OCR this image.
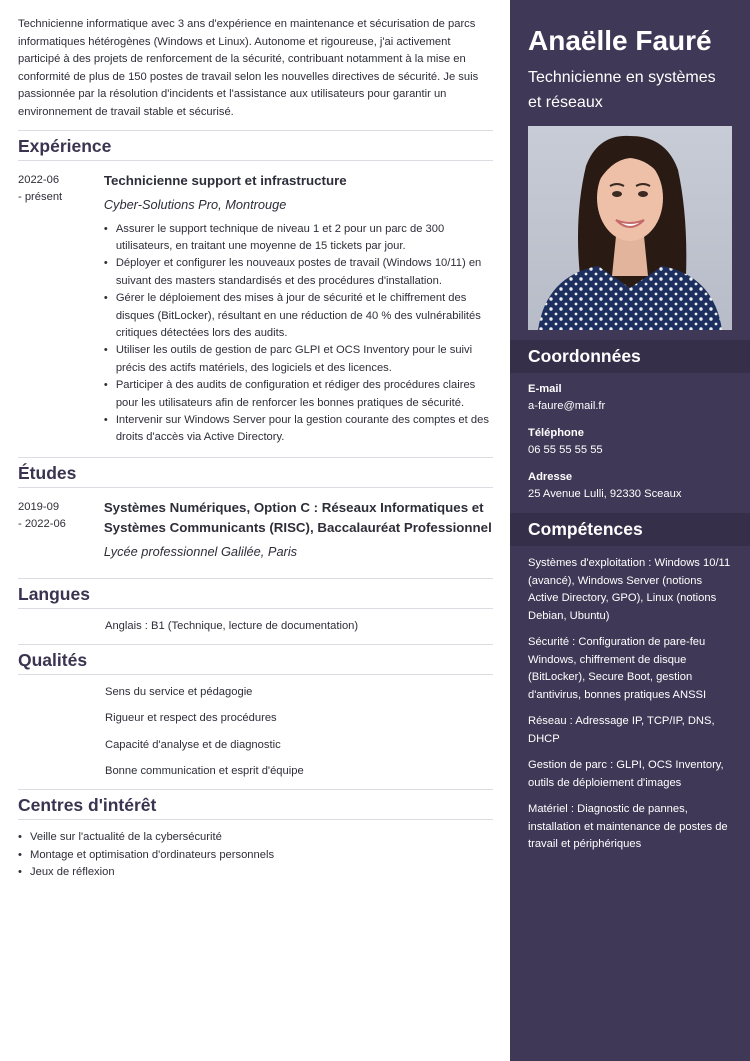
Technicienne informatique avec 3 ans d'expérience en maintenance et sécurisation de parcs informatiques hétérogènes (Windows et Linux). Autonome et rigoureuse, j'ai activement participé à des projets de renforcement de la sécurité, contribuant notamment à la mise en conformité de plus de 150 postes de travail selon les nouvelles directives de sécurité. Je suis passionnée par la résolution d'incidents et l'assistance aux utilisateurs pour garantir un environnement de travail stable et sécurisé.

Expérience
2022-06
- présent
Technicienne support et infrastructure
Cyber-Solutions Pro, Montrouge
• Assurer le support technique de niveau 1 et 2 pour un parc de 300 utilisateurs, en traitant une moyenne de 15 tickets par jour.
• Déployer et configurer les nouveaux postes de travail (Windows 10/11) en suivant des masters standardisés et des procédures d'installation.
• Gérer le déploiement des mises à jour de sécurité et le chiffrement des disques (BitLocker), résultant en une réduction de 40 % des vulnérabilités critiques détectées lors des audits.
• Utiliser les outils de gestion de parc GLPI et OCS Inventory pour le suivi précis des actifs matériels, des logiciels et des licences.
• Participer à des audits de configuration et rédiger des procédures claires pour les utilisateurs afin de renforcer les bonnes pratiques de sécurité.
• Intervenir sur Windows Server pour la gestion courante des comptes et des droits d'accès via Active Directory.
Études
2019-09
- 2022-06
Systèmes Numériques, Option C : Réseaux Informatiques et Systèmes Communicants (RISC), Baccalauréat Professionnel
Lycée professionnel Galilée, Paris
Langues
Anglais : B1 (Technique, lecture de documentation)
Qualités
Sens du service et pédagogie
Rigueur et respect des procédures
Capacité d'analyse et de diagnostic
Bonne communication et esprit d'équipe
Centres d'intérêt
• Veille sur l'actualité de la cybersécurité
• Montage et optimisation d'ordinateurs personnels
• Jeux de réflexion
Anaëlle Fauré
Technicienne en systèmes et réseaux
Coordonnées
E-mail
a-faure@mail.fr
Téléphone
06 55 55 55 55
Adresse
25 Avenue Lulli, 92330 Sceaux
Compétences
Systèmes d'exploitation : Windows 10/11 (avancé), Windows Server (notions Active Directory, GPO), Linux (notions Debian, Ubuntu)
Sécurité : Configuration de pare-feu Windows, chiffrement de disque (BitLocker), Secure Boot, gestion d'antivirus, bonnes pratiques ANSSI
Réseau : Adressage IP, TCP/IP, DNS, DHCP
Gestion de parc : GLPI, OCS Inventory, outils de déploiement d'images
Matériel : Diagnostic de pannes, installation et maintenance de postes de travail et périphériques
